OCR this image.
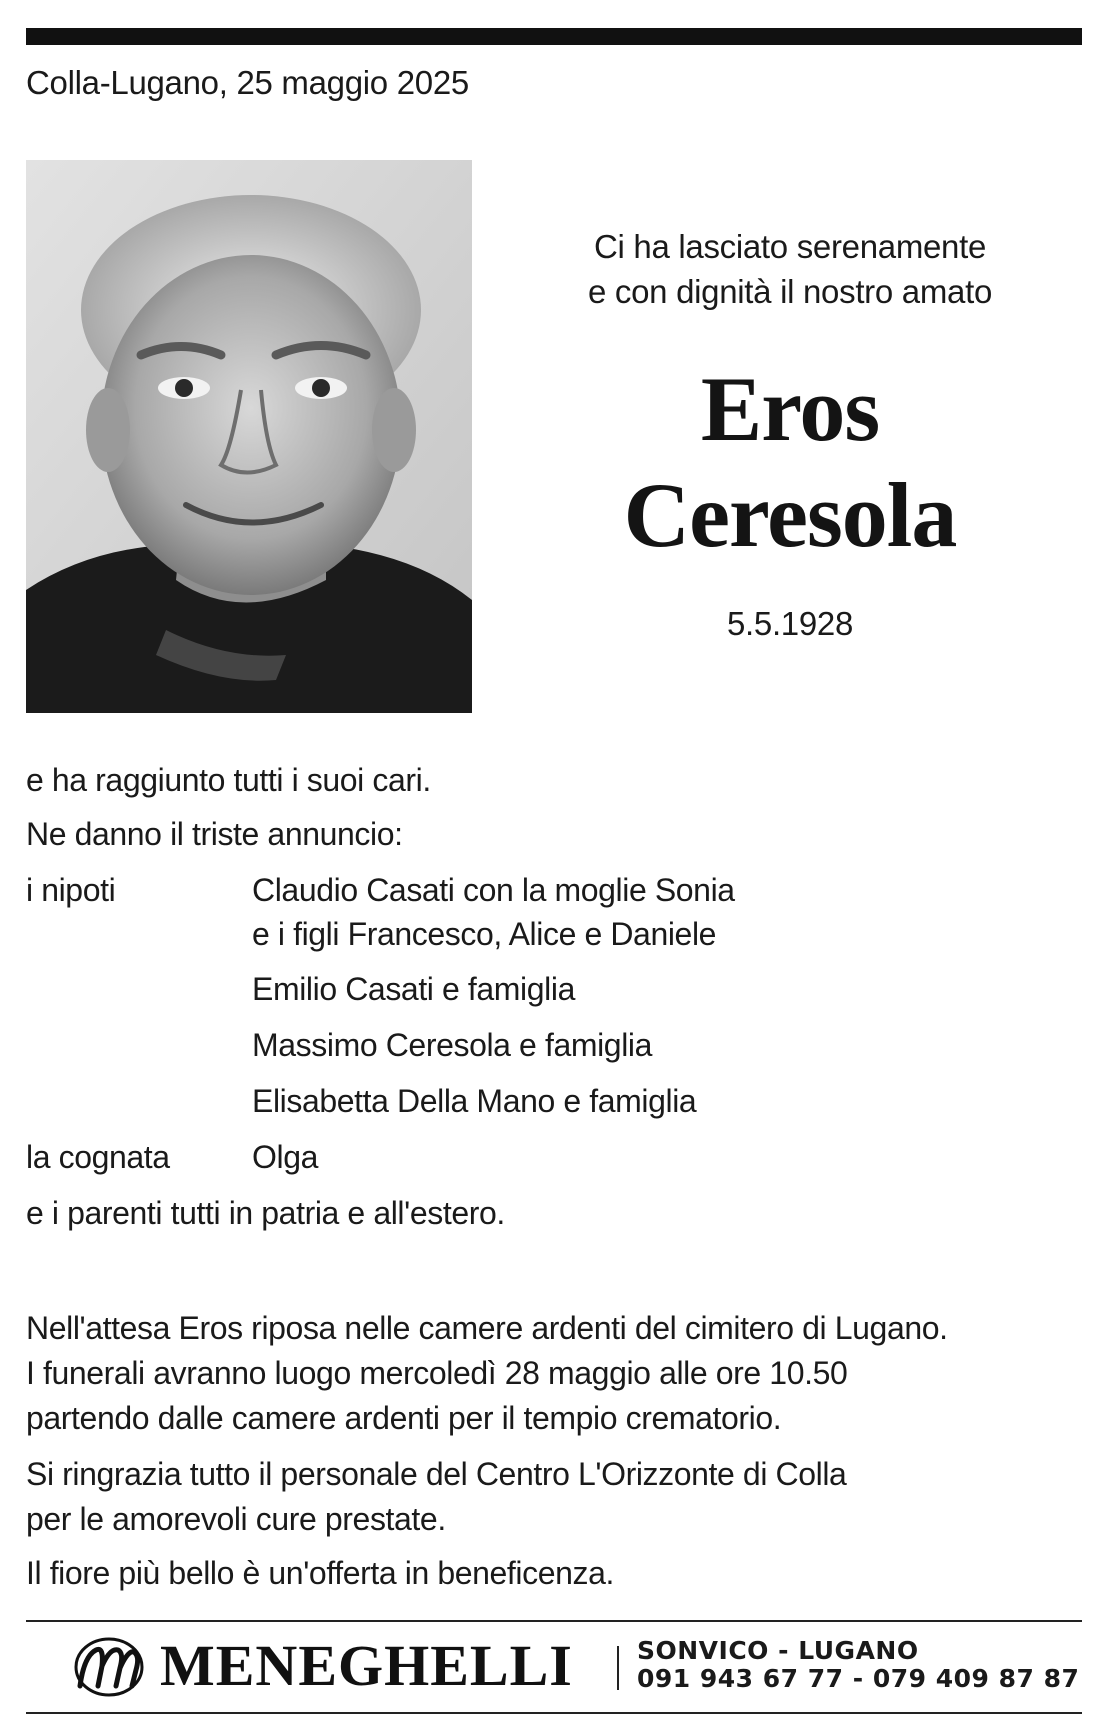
Colla-Lugano, 25 maggio 2025
Ci ha lasciato serenamente
e con dignità il nostro amato
Eros
Ceresola
5.5.1928
e ha raggiunto tutti i suoi cari.
Ne danno il triste annuncio:
i nipoti	Claudio Casati con la moglie Sonia
e i figli Francesco, Alice e Daniele
Emilio Casati e famiglia
Massimo Ceresola e famiglia
Elisabetta Della Mano e famiglia
la cognata	Olga
e i parenti tutti in patria e all'estero.
Nell'attesa Eros riposa nelle camere ardenti del cimitero di Lugano.
I funerali avranno luogo mercoledì 28 maggio alle ore 10.50
partendo dalle camere ardenti per il tempio crematorio.
Si ringrazia tutto il personale del Centro L'Orizzonte di Colla
per le amorevoli cure prestate.
Il fiore più bello è un'offerta in beneficenza.
MENEGHELLI	SONVICO - LUGANO
091 943 67 77 - 079 409 87 87
